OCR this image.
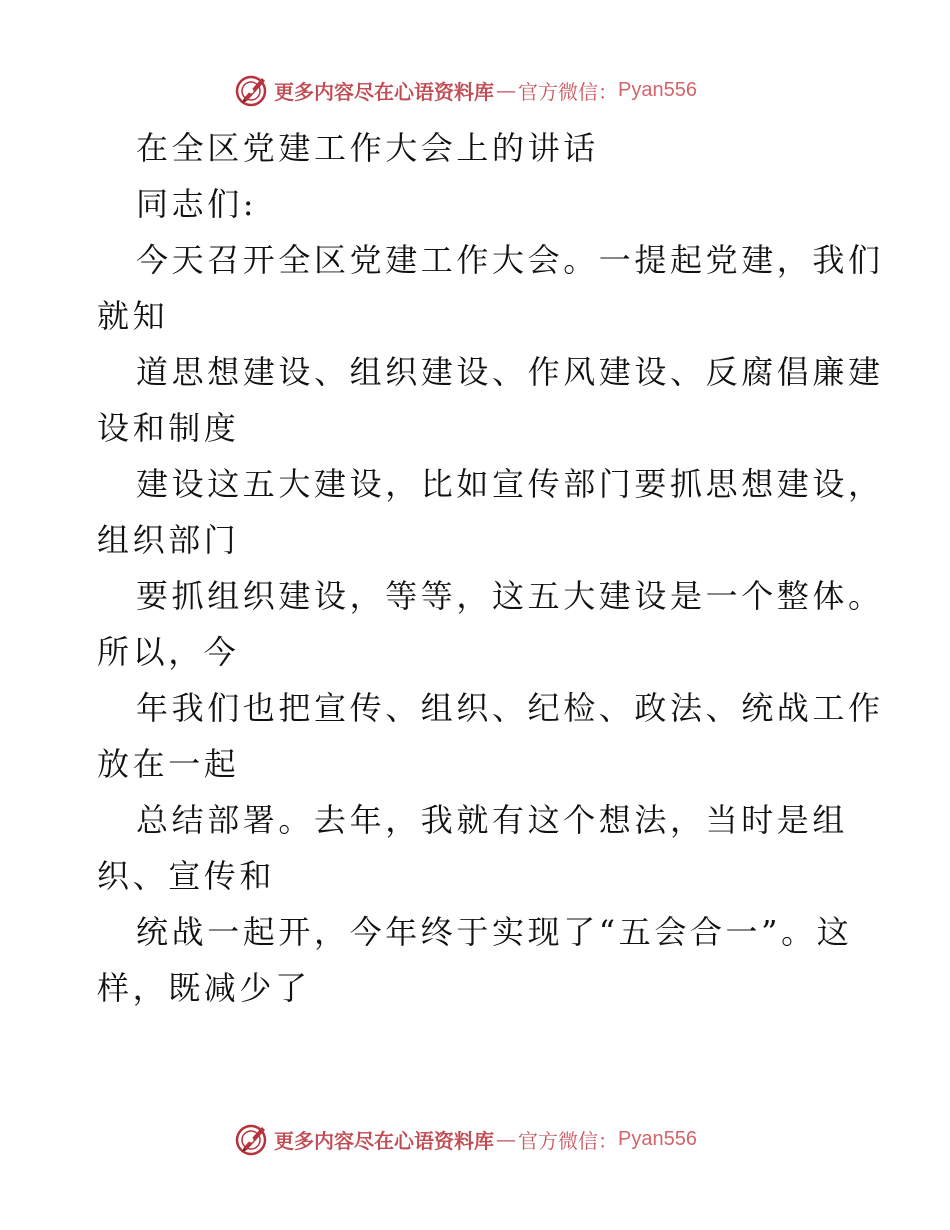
更多内容尽在心语资料库 — 官方微信： Pyan556

在全区党建工作大会上的讲话

同志们:

今天召开全区党建工作大会。一提起党建，我们

就知

道思想建设、组织建设、作风建设、反腐倡廉建

设和制度

建设这五大建设，比如宣传部门要抓思想建设，

组织部门

要抓组织建设，等等，这五大建设是一个整体。

所以，今

年我们也把宣传、组织、纪检、政法、统战工作

放在一起

总结部署。去年，我就有这个想法，当时是组

织、宣传和

统战一起开，今年终于实现了“五会合一”。这

样，既减少了

更多内容尽在心语资料库 — 官方微信： Pyan556
